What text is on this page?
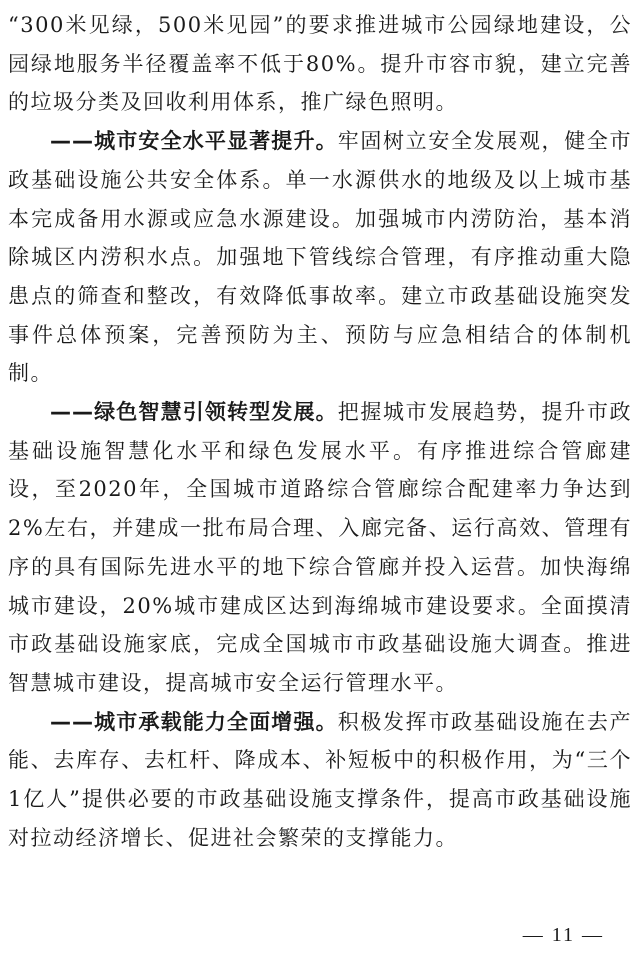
“300米见绿，500米见园”的要求推进城市公园绿地建设，公园绿地服务半径覆盖率不低于80%。提升市容市貌，建立完善的垃圾分类及回收利用体系，推广绿色照明。

——城市安全水平显著提升。牢固树立安全发展观，健全市政基础设施公共安全体系。单一水源供水的地级及以上城市基本完成备用水源或应急水源建设。加强城市内涝防治，基本消除城区内涝积水点。加强地下管线综合管理，有序推动重大隐患点的筛查和整改，有效降低事故率。建立市政基础设施突发事件总体预案，完善预防为主、预防与应急相结合的体制机制。

——绿色智慧引领转型发展。把握城市发展趋势，提升市政基础设施智慧化水平和绿色发展水平。有序推进综合管廊建设，至2020年，全国城市道路综合管廊综合配建率力争达到2%左右，并建成一批布局合理、入廊完备、运行高效、管理有序的具有国际先进水平的地下综合管廊并投入运营。加快海绵城市建设，20%城市建成区达到海绵城市建设要求。全面摸清市政基础设施家底，完成全国城市市政基础设施大调查。推进智慧城市建设，提高城市安全运行管理水平。

——城市承载能力全面增强。积极发挥市政基础设施在去产能、去库存、去杠杆、降成本、补短板中的积极作用，为“三个1亿人”提供必要的市政基础设施支撑条件，提高市政基础设施对拉动经济增长、促进社会繁荣的支撑能力。

— 11 —
